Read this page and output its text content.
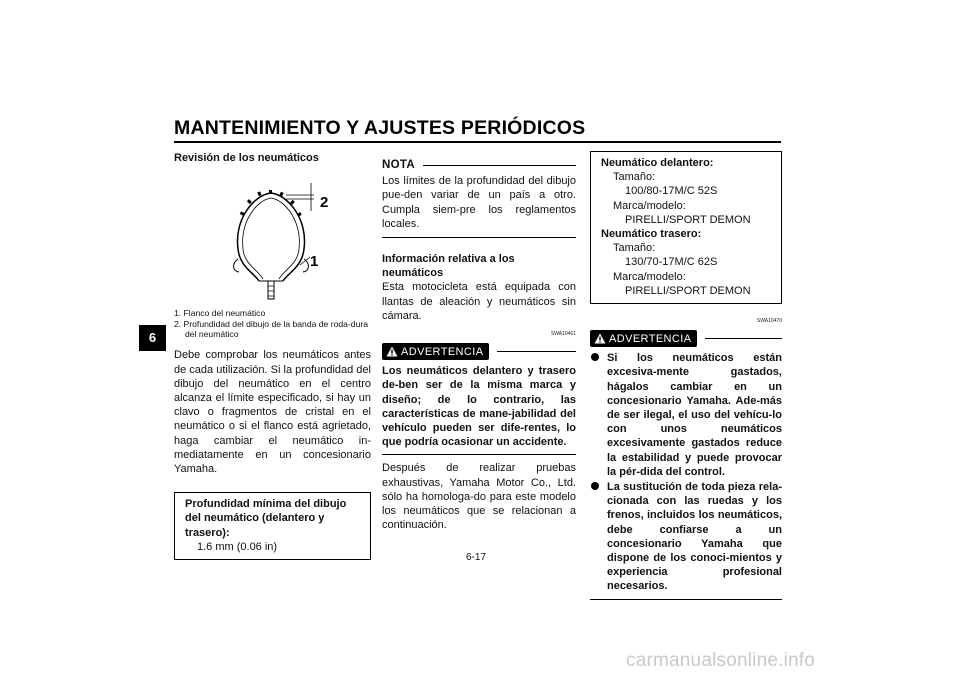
MANTENIMIENTO Y AJUSTES PERIÓDICOS
6
Revisión de los neumáticos
2
1
1. Flanco del neumático
2. Profundidad del dibujo de la banda de roda-dura del neumático

Debe comprobar los neumáticos antes de cada utilización. Si la profundidad del dibujo del neumático en el centro alcanza el límite especificado, si hay un clavo o fragmentos de cristal en el neumático o si el flanco está agrietado, haga cambiar el neumático in-mediatamente en un concesionario Yamaha.

Profundidad mínima del dibujo del neumático (delantero y trasero):
1.6 mm (0.06 in)
NOTA

Los límites de la profundidad del dibujo pue-den variar de un país a otro. Cumpla siem-pre los reglamentos locales.

Información relativa a los neumáticos

Esta motocicleta está equipada con llantas de aleación y neumáticos sin cámara.

SWA10461
ADVERTENCIA

Los neumáticos delantero y trasero de-ben ser de la misma marca y diseño; de lo contrario, las características de mane-jabilidad del vehículo pueden ser dife-rentes, lo que podría ocasionar un accidente.

Después de realizar pruebas exhaustivas, Yamaha Motor Co., Ltd. sólo ha homologa-do para este modelo los neumáticos que se relacionan a continuación.

Neumático delantero:
Tamaño:
100/80-17M/C 52S
Marca/modelo:
PIRELLI/SPORT DEMON
Neumático trasero:
Tamaño:
130/70-17M/C 62S
Marca/modelo:
PIRELLI/SPORT DEMON
SWA10470
ADVERTENCIA
Si los neumáticos están excesiva-mente gastados, hágalos cambiar en un concesionario Yamaha. Ade-más de ser ilegal, el uso del vehícu-lo con unos neumáticos excesivamente gastados reduce la estabilidad y puede provocar la pér-dida del control.
La sustitución de toda pieza rela-cionada con las ruedas y los frenos, incluidos los neumáticos, debe confiarse a un concesionario Yamaha que dispone de los conoci-mientos y experiencia profesional necesarios.
6-17
carmanualsonline.info
